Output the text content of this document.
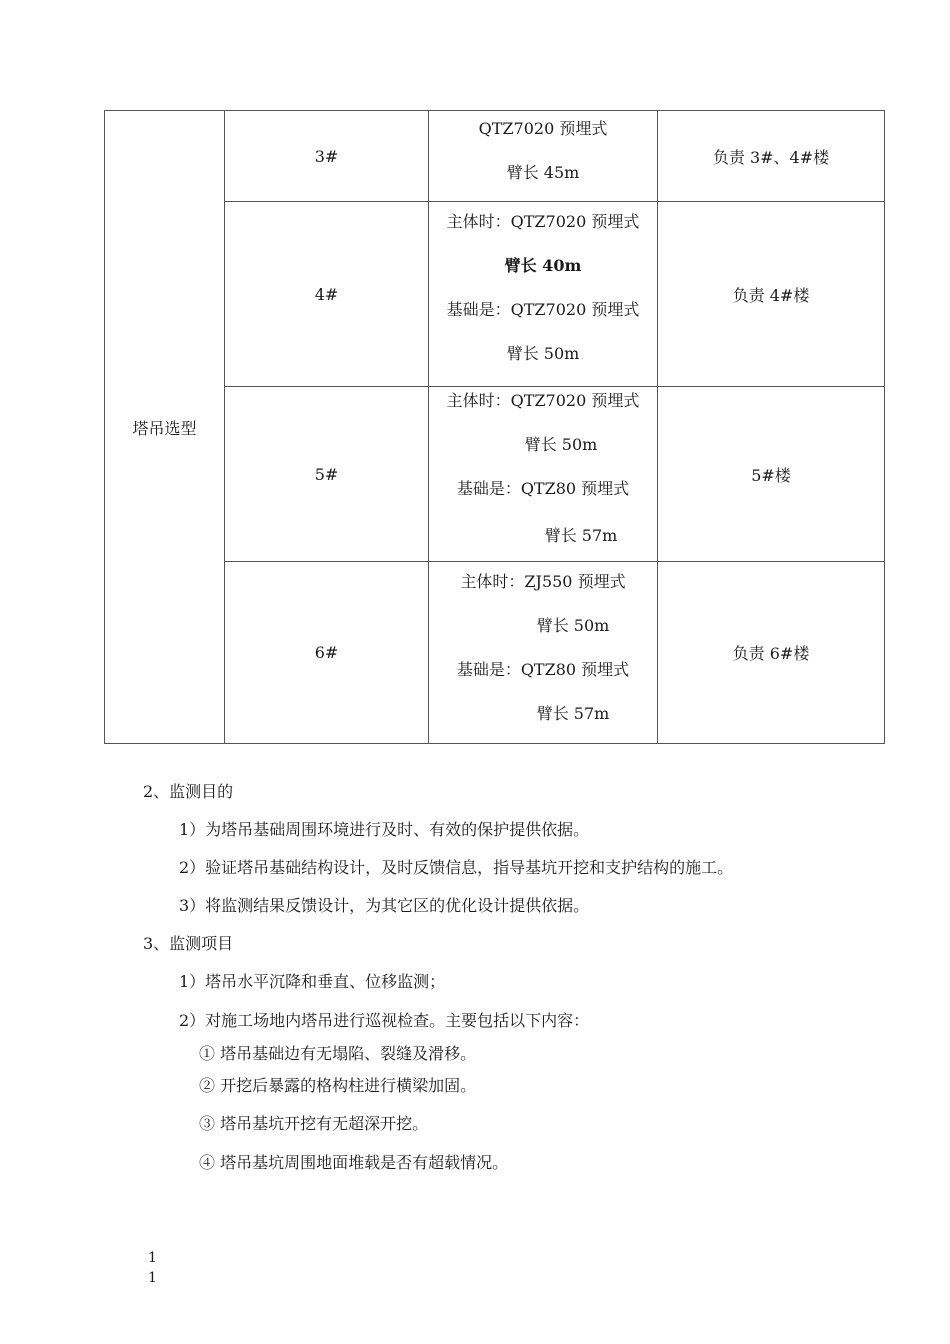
塔吊选型	3#	QTZ7020 预埋式
臂长 45m	负责 3#、4#楼
	4#	主体时：QTZ7020 预埋式
臂长 40m
基础是：QTZ7020 预埋式
臂长 50m	负责 4#楼
	5#	主体时：QTZ7020 预埋式
臂长 50m
基础是：QTZ80 预埋式
臂长 57m	5#楼
	6#	主体时：ZJ550 预埋式
臂长 50m
基础是：QTZ80 预埋式
臂长 57m	负责 6#楼
2、监测目的
1）为塔吊基础周围环境进行及时、有效的保护提供依据。
2）验证塔吊基础结构设计，及时反馈信息，指导基坑开挖和支护结构的施工。
3）将监测结果反馈设计，为其它区的优化设计提供依据。
3、监测项目
1）塔吊水平沉降和垂直、位移监测；
2）对施工场地内塔吊进行巡视检查。主要包括以下内容：
① 塔吊基础边有无塌陷、裂缝及滑移。
② 开挖后暴露的格构柱进行横梁加固。
③ 塔吊基坑开挖有无超深开挖。
④ 塔吊基坑周围地面堆载是否有超载情况。
1
1
